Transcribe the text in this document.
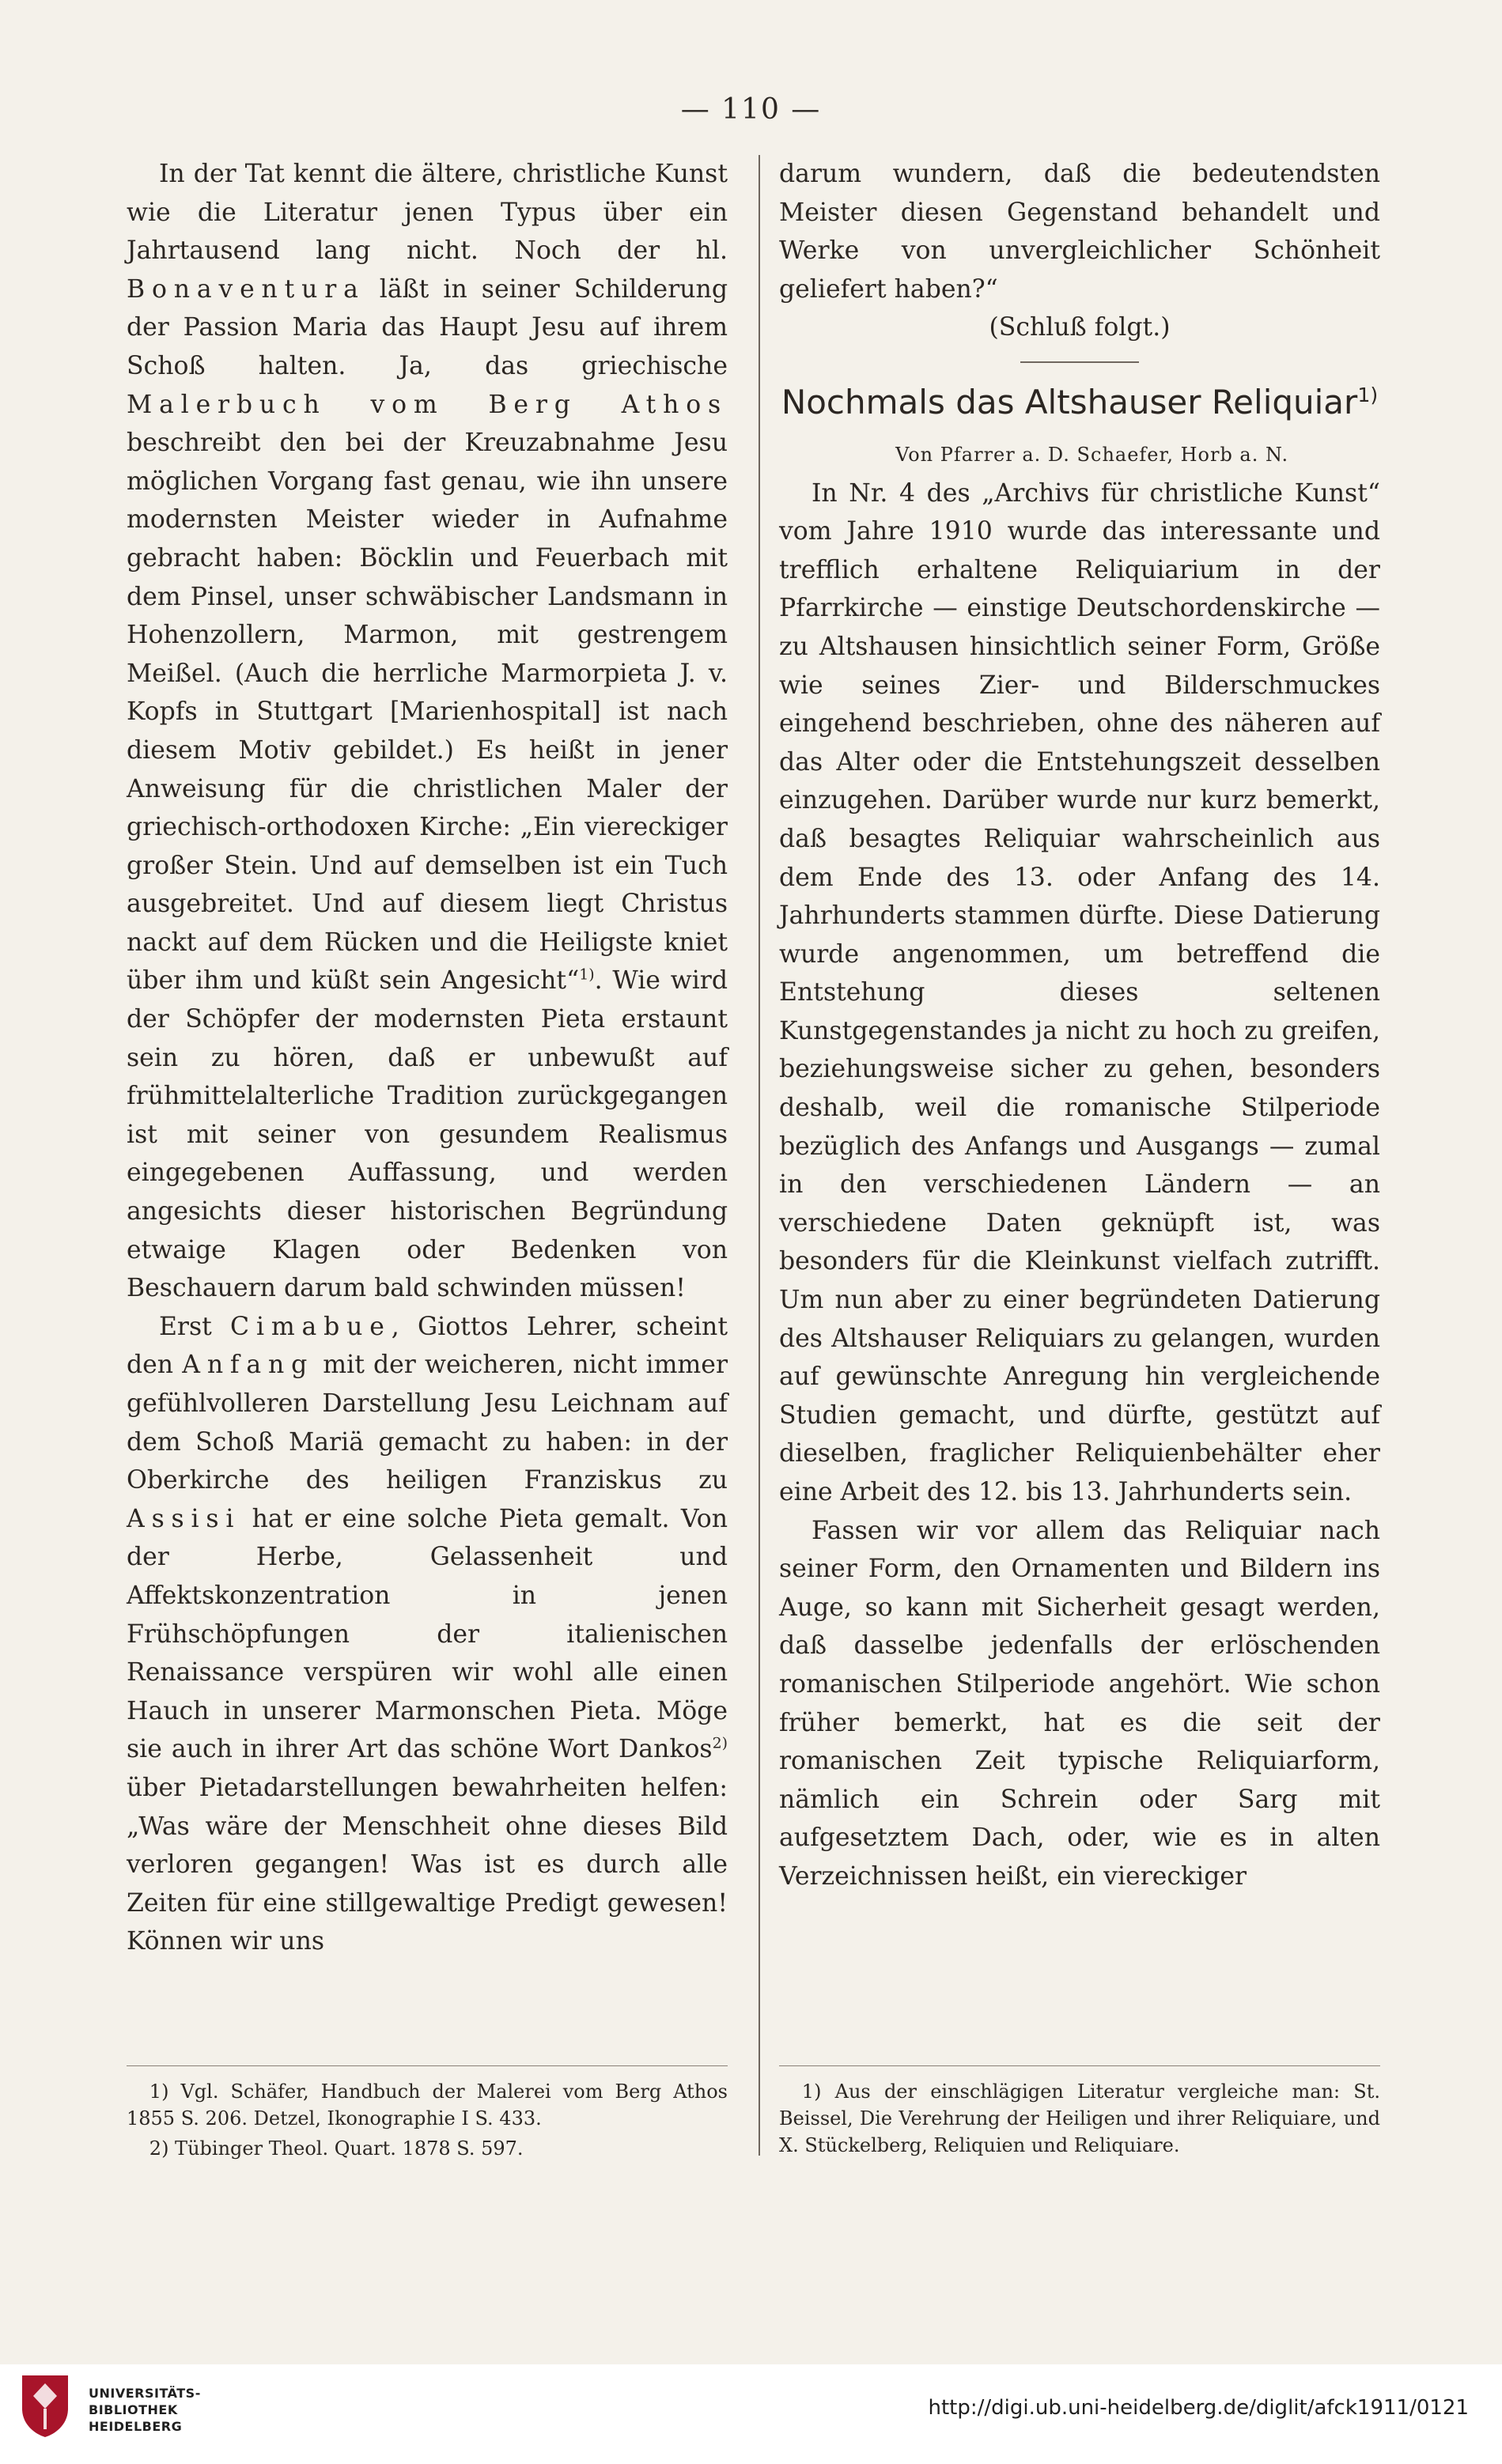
— 110 —

In der Tat kennt die ältere, christliche Kunst wie die Literatur jenen Typus über ein Jahrtausend lang nicht. Noch der hl. Bonaventura läßt in seiner Schilderung der Passion Maria das Haupt Jesu auf ihrem Schoß halten. Ja, das griechische Malerbuch vom Berg Athos beschreibt den bei der Kreuzabnahme Jesu möglichen Vorgang fast genau, wie ihn unsere modernsten Meister wieder in Aufnahme gebracht haben: Böcklin und Feuerbach mit dem Pinsel, unser schwäbischer Landsmann in Hohenzollern, Marmon, mit gestrengem Meißel. (Auch die herrliche Marmorpieta J. v. Kopfs in Stuttgart [Marienhospital] ist nach diesem Motiv gebildet.) Es heißt in jener Anweisung für die christlichen Maler der griechisch-orthodoxen Kirche: „Ein viereckiger großer Stein. Und auf demselben ist ein Tuch ausgebreitet. Und auf diesem liegt Christus nackt auf dem Rücken und die Heiligste kniet über ihm und küßt sein Angesicht“$^{1)}$. Wie wird der Schöpfer der modernsten Pieta erstaunt sein zu hören, daß er unbewußt auf frühmittelalterliche Tradition zurückgegangen ist mit seiner von gesundem Realismus eingegebenen Auffassung, und werden angesichts dieser historischen Begründung etwaige Klagen oder Bedenken von Beschauern darum bald schwinden müssen!

Erst Cimabue, Giottos Lehrer, scheint den Anfang mit der weicheren, nicht immer gefühlvolleren Darstellung Jesu Leichnam auf dem Schoß Mariä gemacht zu haben: in der Oberkirche des heiligen Franziskus zu Assisi hat er eine solche Pieta gemalt. Von der Herbe, Gelassenheit und Affektskonzentration in jenen Frühschöpfungen der italienischen Renaissance verspüren wir wohl alle einen Hauch in unserer Marmonschen Pieta. Möge sie auch in ihrer Art das schöne Wort Dankos$^{2)}$ über Pietadarstellungen bewahrheiten helfen: „Was wäre der Menschheit ohne dieses Bild verloren gegangen! Was ist es durch alle Zeiten für eine stillgewaltige Predigt gewesen! Können wir uns

darum wundern, daß die bedeutendsten Meister diesen Gegenstand behandelt und Werke von unvergleichlicher Schönheit geliefert haben?“

(Schluß folgt.)

Nochmals das Altshauser Reliquiar$^{1)}$

Von Pfarrer a. D. Schaefer, Horb a. N.

In Nr. 4 des „Archivs für christliche Kunst“ vom Jahre 1910 wurde das interessante und trefflich erhaltene Reliquiarium in der Pfarrkirche — einstige Deutschordenskirche — zu Altshausen hinsichtlich seiner Form, Größe wie seines Zier- und Bilderschmuckes eingehend beschrieben, ohne des näheren auf das Alter oder die Entstehungszeit desselben einzugehen. Darüber wurde nur kurz bemerkt, daß besagtes Reliquiar wahrscheinlich aus dem Ende des 13. oder Anfang des 14. Jahrhunderts stammen dürfte. Diese Datierung wurde angenommen, um betreffend die Entstehung dieses seltenen Kunstgegenstandes ja nicht zu hoch zu greifen, beziehungsweise sicher zu gehen, besonders deshalb, weil die romanische Stilperiode bezüglich des Anfangs und Ausgangs — zumal in den verschiedenen Ländern — an verschiedene Daten geknüpft ist, was besonders für die Kleinkunst vielfach zutrifft. Um nun aber zu einer begründeten Datierung des Altshauser Reliquiars zu gelangen, wurden auf gewünschte Anregung hin vergleichende Studien gemacht, und dürfte, gestützt auf dieselben, fraglicher Reliquienbehälter eher eine Arbeit des 12. bis 13. Jahrhunderts sein.

Fassen wir vor allem das Reliquiar nach seiner Form, den Ornamenten und Bildern ins Auge, so kann mit Sicherheit gesagt werden, daß dasselbe jedenfalls der erlöschenden romanischen Stilperiode angehört. Wie schon früher bemerkt, hat es die seit der romanischen Zeit typische Reliquiarform, nämlich ein Schrein oder Sarg mit aufgesetztem Dach, oder, wie es in alten Verzeichnissen heißt, ein viereckiger

1) Vgl. Schäfer, Handbuch der Malerei vom Berg Athos 1855 S. 206. Detzel, Ikonographie I S. 433.

2) Tübinger Theol. Quart. 1878 S. 597.

1) Aus der einschlägigen Literatur vergleiche man: St. Beissel, Die Verehrung der Heiligen und ihrer Reliquiare, und X. Stückelberg, Reliquien und Reliquiare.

UNIVERSITÄTS-
BIBLIOTHEK
HEIDELBERG
http://digi.ub.uni-heidelberg.de/diglit/afck1911/0121
